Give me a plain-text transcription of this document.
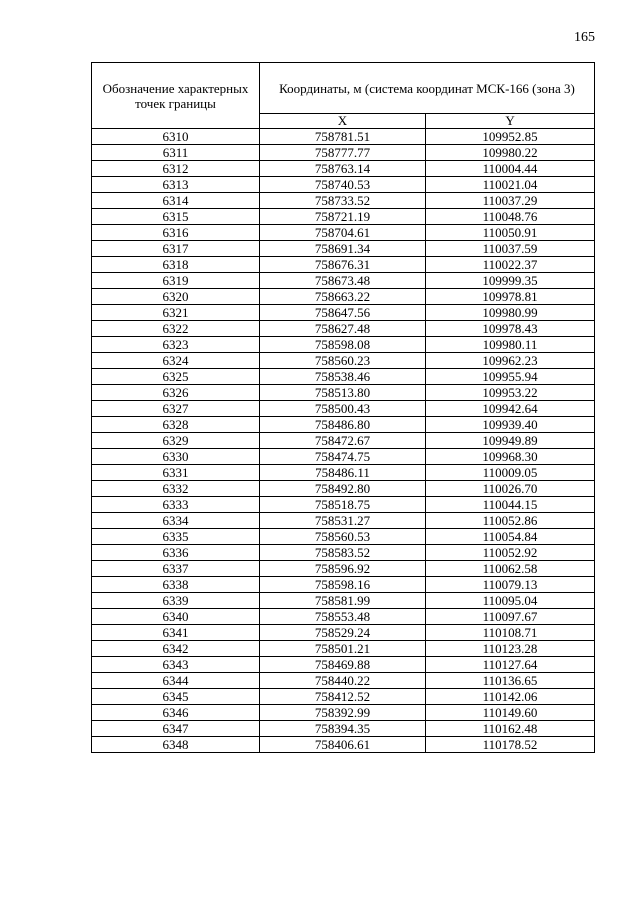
165
Обозначение характерных точек границы	Координаты, м (система координат МСК-166 (зона 3)	
	X	Y
6310	758781.51	109952.85
6311	758777.77	109980.22
6312	758763.14	110004.44
6313	758740.53	110021.04
6314	758733.52	110037.29
6315	758721.19	110048.76
6316	758704.61	110050.91
6317	758691.34	110037.59
6318	758676.31	110022.37
6319	758673.48	109999.35
6320	758663.22	109978.81
6321	758647.56	109980.99
6322	758627.48	109978.43
6323	758598.08	109980.11
6324	758560.23	109962.23
6325	758538.46	109955.94
6326	758513.80	109953.22
6327	758500.43	109942.64
6328	758486.80	109939.40
6329	758472.67	109949.89
6330	758474.75	109968.30
6331	758486.11	110009.05
6332	758492.80	110026.70
6333	758518.75	110044.15
6334	758531.27	110052.86
6335	758560.53	110054.84
6336	758583.52	110052.92
6337	758596.92	110062.58
6338	758598.16	110079.13
6339	758581.99	110095.04
6340	758553.48	110097.67
6341	758529.24	110108.71
6342	758501.21	110123.28
6343	758469.88	110127.64
6344	758440.22	110136.65
6345	758412.52	110142.06
6346	758392.99	110149.60
6347	758394.35	110162.48
6348	758406.61	110178.52
